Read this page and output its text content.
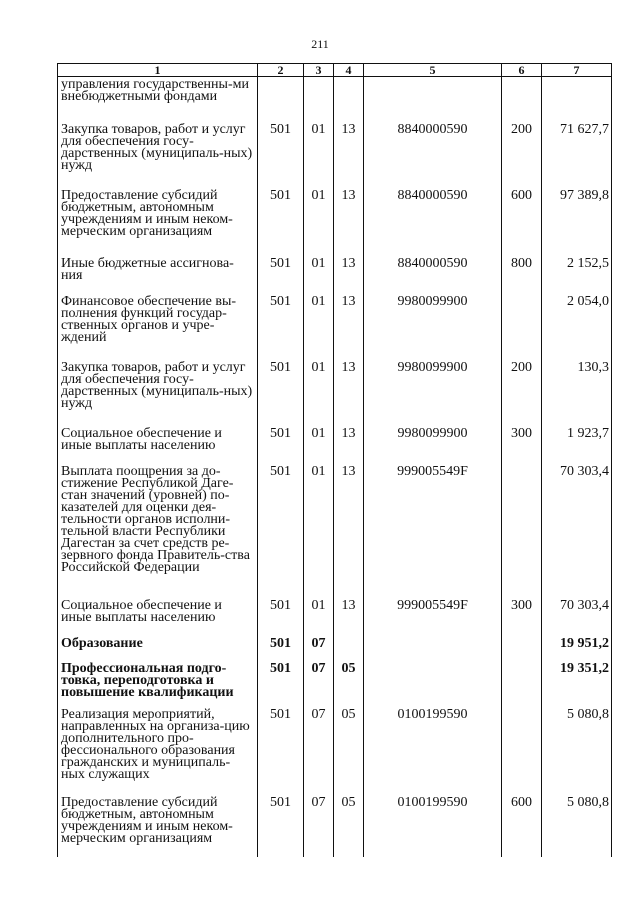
211
1	2	3	4	5	6	7
управления государственны-ми внебюджетными фондами						
Закупка товаров, работ и услуг для обеспечения госу-дарственных (муниципаль-ных) нужд	501	01	13	8840000590	200	71 627,7
Предоставление субсидий бюджетным, автономным учреждениям и иным неком-мерческим организациям	501	01	13	8840000590	600	97 389,8
Иные бюджетные ассигнова-ния	501	01	13	8840000590	800	2 152,5
Финансовое обеспечение вы-полнения функций государ-ственных органов и учре-ждений	501	01	13	9980099900		2 054,0
Закупка товаров, работ и услуг для обеспечения госу-дарственных (муниципаль-ных) нужд	501	01	13	9980099900	200	130,3
Социальное обеспечение и иные выплаты населению	501	01	13	9980099900	300	1 923,7
Выплата поощрения за до-стижение Республикой Даге-стан значений (уровней) по-казателей для оценки дея-тельности органов исполни-тельной власти Республики Дагестан за счет средств ре-зервного фонда Правитель-ства Российской Федерации	501	01	13	999005549F		70 303,4
Социальное обеспечение и иные выплаты населению	501	01	13	999005549F	300	70 303,4
Образование	501	07				19 951,2
Профессиональная подго-товка, переподготовка и повышение квалификации	501	07	05			19 351,2
Реализация мероприятий, направленных на организа-цию дополнительного про-фессионального образования гражданских и муниципаль-ных служащих	501	07	05	0100199590		5 080,8
Предоставление субсидий бюджетным, автономным учреждениям и иным неком-мерческим организациям	501	07	05	0100199590	600	5 080,8
